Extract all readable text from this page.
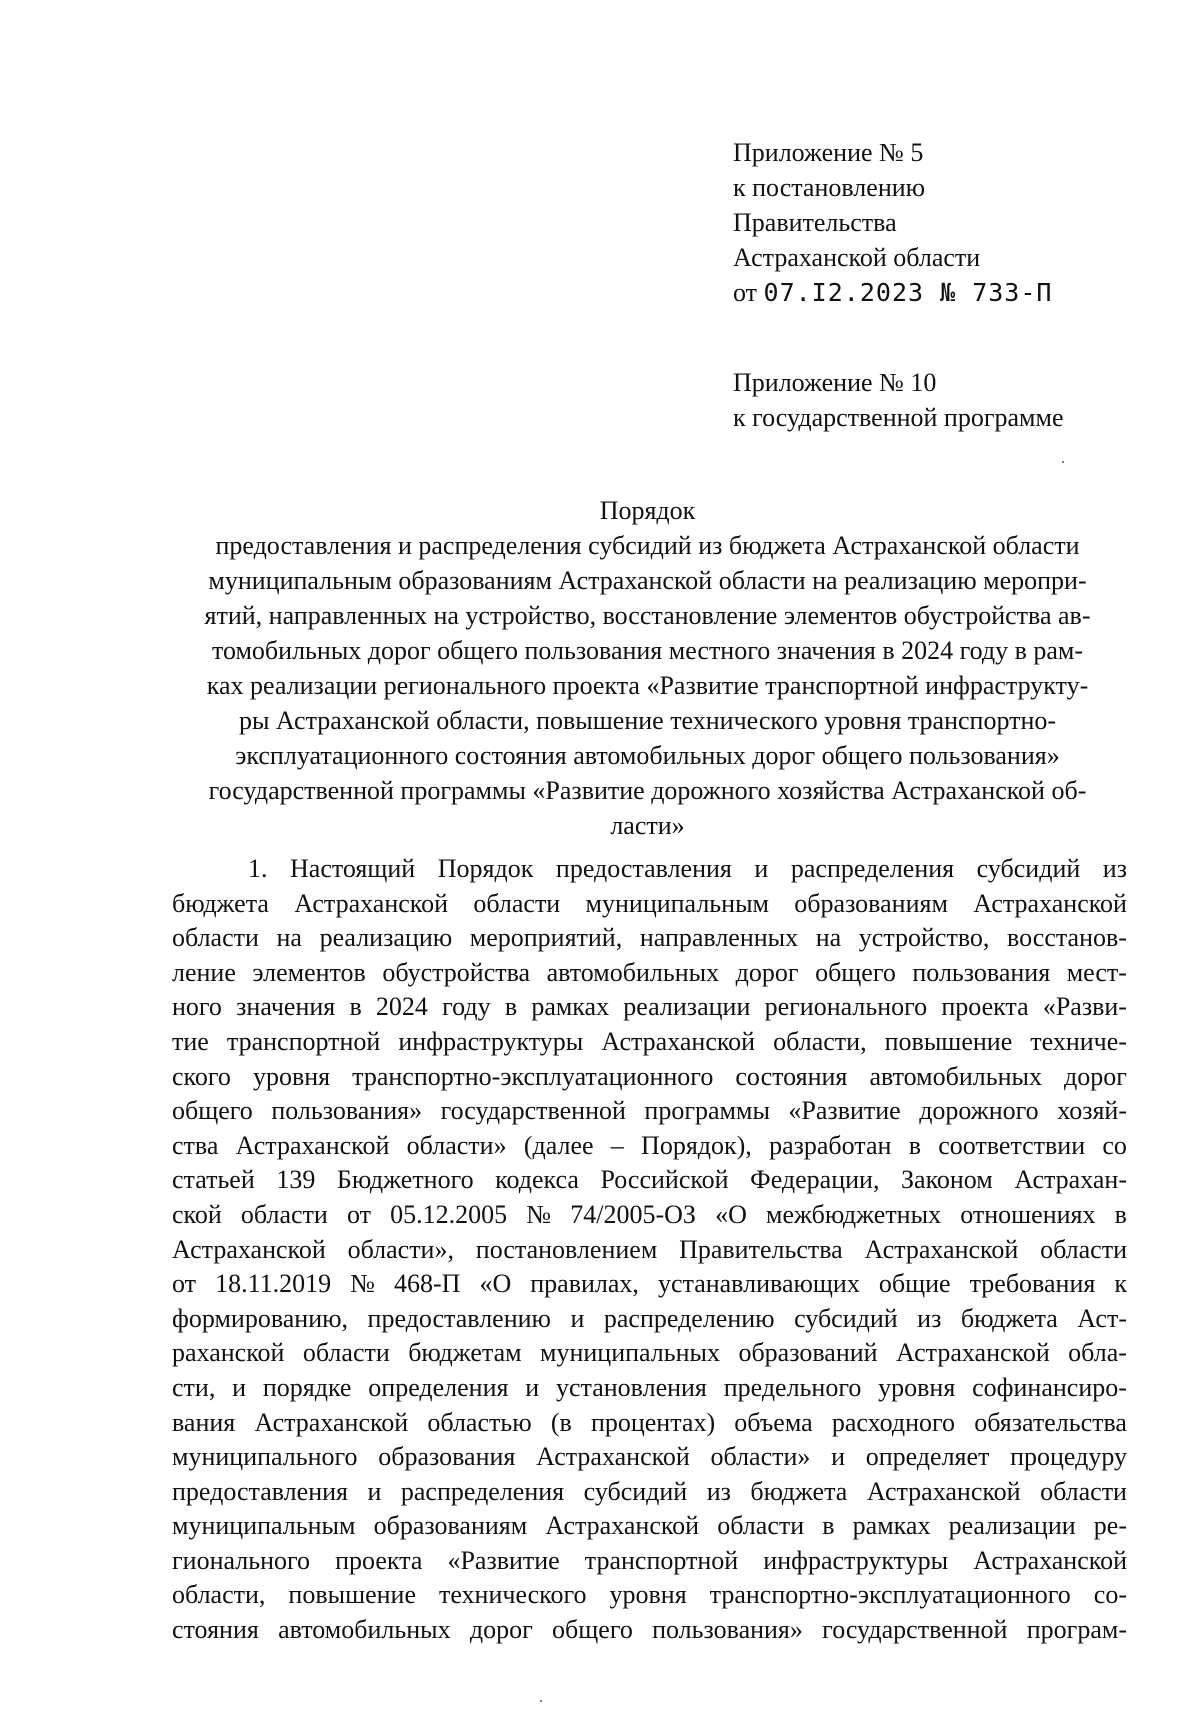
Приложение № 5
к постановлению
Правительства
Астраханской области
от 07.I2.2023 № 733-П
Приложение № 10
к государственной программе
Порядок
предоставления и распределения субсидий из бюджета Астраханской области
муниципальным образованиям Астраханской области на реализацию меропри-
ятий, направленных на устройство, восстановление элементов обустройства ав-
томобильных дорог общего пользования местного значения в 2024 году в рам-
ках реализации регионального проекта «Развитие транспортной инфраструкту-
ры Астраханской области, повышение технического уровня транспортно-
эксплуатационного состояния автомобильных дорог общего пользования»
государственной программы «Развитие дорожного хозяйства Астраханской об-
ласти»
1. Настоящий Порядок предоставления и распределения субсидий из
бюджета Астраханской области муниципальным образованиям Астраханской
области на реализацию мероприятий, направленных на устройство, восстанов-
ление элементов обустройства автомобильных дорог общего пользования мест-
ного значения в 2024 году в рамках реализации регионального проекта «Разви-
тие транспортной инфраструктуры Астраханской области, повышение техниче-
ского уровня транспортно-эксплуатационного состояния автомобильных дорог
общего пользования» государственной программы «Развитие дорожного хозяй-
ства Астраханской области» (далее – Порядок), разработан в соответствии со
статьей 139 Бюджетного кодекса Российской Федерации, Законом Астрахан-
ской области от 05.12.2005 № 74/2005-ОЗ «О межбюджетных отношениях в
Астраханской области», постановлением Правительства Астраханской области
от 18.11.2019 № 468-П «О правилах, устанавливающих общие требования к
формированию, предоставлению и распределению субсидий из бюджета Аст-
раханской области бюджетам муниципальных образований Астраханской обла-
сти, и порядке определения и установления предельного уровня софинансиро-
вания Астраханской областью (в процентах) объема расходного обязательства
муниципального образования Астраханской области» и определяет процедуру
предоставления и распределения субсидий из бюджета Астраханской области
муниципальным образованиям Астраханской области в рамках реализации ре-
гионального проекта «Развитие транспортной инфраструктуры Астраханской
области, повышение технического уровня транспортно-эксплуатационного со-
стояния автомобильных дорог общего пользования» государственной програм-
